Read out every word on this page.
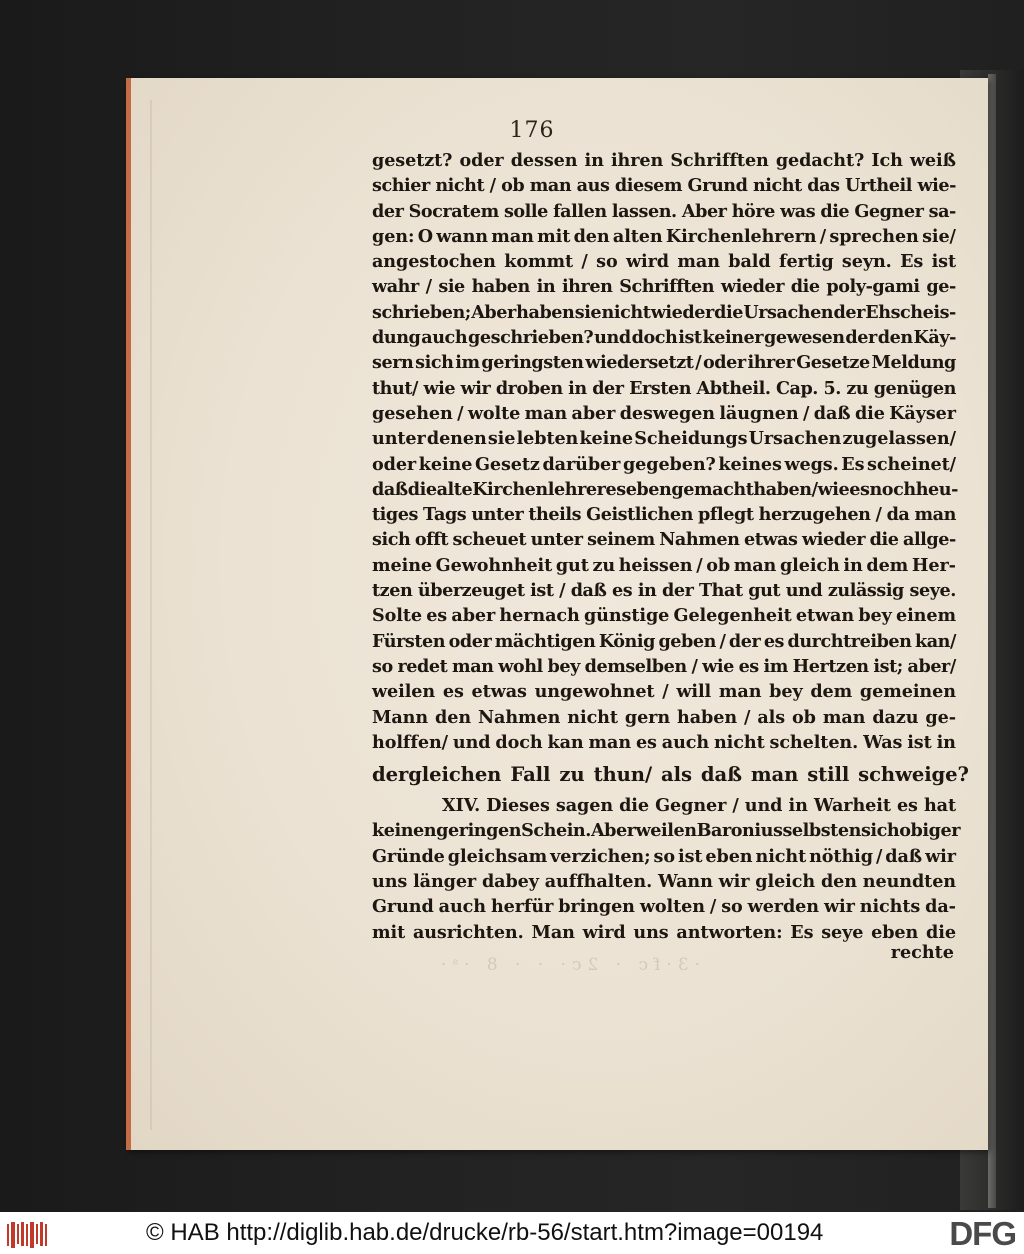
176
·3·fc · 2c· · · 8 ·ˢ·
gesetzt? oder dessen in ihren Schrifften gedacht? Ich weiß
schier nicht / ob man aus diesem Grund nicht das Urtheil wie-
der Socratem solle fallen lassen. Aber höre was die Gegner sa-
gen: O wann man mit den alten Kirchenlehrern / sprechen sie/
angestochen kommt / so wird man bald fertig seyn. Es ist
wahr / sie haben in ihren Schrifften wieder die poly-gami ge-
schrieben; Aber haben sie nicht wieder die Ursachen der Ehscheis-
dung auch geschrieben? und doch ist keiner gewesen der den Käy-
sern sich im geringsten wiedersetzt / oder ihrer Gesetze Meldung
thut/ wie wir droben in der Ersten Abtheil. Cap. 5. zu genügen
gesehen / wolte man aber deswegen läugnen / daß die Käyser
unter denen sie lebten keine Scheidungs Ursachen zugelassen/
oder keine Gesetz darüber gegeben? keines wegs. Es scheinet/
daß die alte Kirchenlehrer es eben gemacht haben/wie es noch heu-
tiges Tags unter theils Geistlichen pflegt herzugehen / da man
sich offt scheuet unter seinem Nahmen etwas wieder die allge-
meine Gewohnheit gut zu heissen / ob man gleich in dem Her-
tzen überzeuget ist / daß es in der That gut und zulässig seye.
Solte es aber hernach günstige Gelegenheit etwan bey einem
Fürsten oder mächtigen König geben / der es durchtreiben kan/
so redet man wohl bey demselben / wie es im Hertzen ist; aber/
weilen es etwas ungewohnet / will man bey dem gemeinen
Mann den Nahmen nicht gern haben / als ob man dazu ge-
holffen/ und doch kan man es auch nicht schelten. Was ist in
dergleichen Fall zu thun/ als daß man still schweige?
XIV. Dieses sagen die Gegner / und in Warheit es hat
keinen geringen Schein. Aber weilen Baronius selbsten sich obiger
Gründe gleichsam verzichen; so ist eben nicht nöthig / daß wir
uns länger dabey auffhalten. Wann wir gleich den neundten
Grund auch herfür bringen wolten / so werden wir nichts da-
mit ausrichten. Man wird uns antworten: Es seye eben die
rechte
© HAB http://diglib.hab.de/drucke/rb-56/start.htm?image=00194	DFG
